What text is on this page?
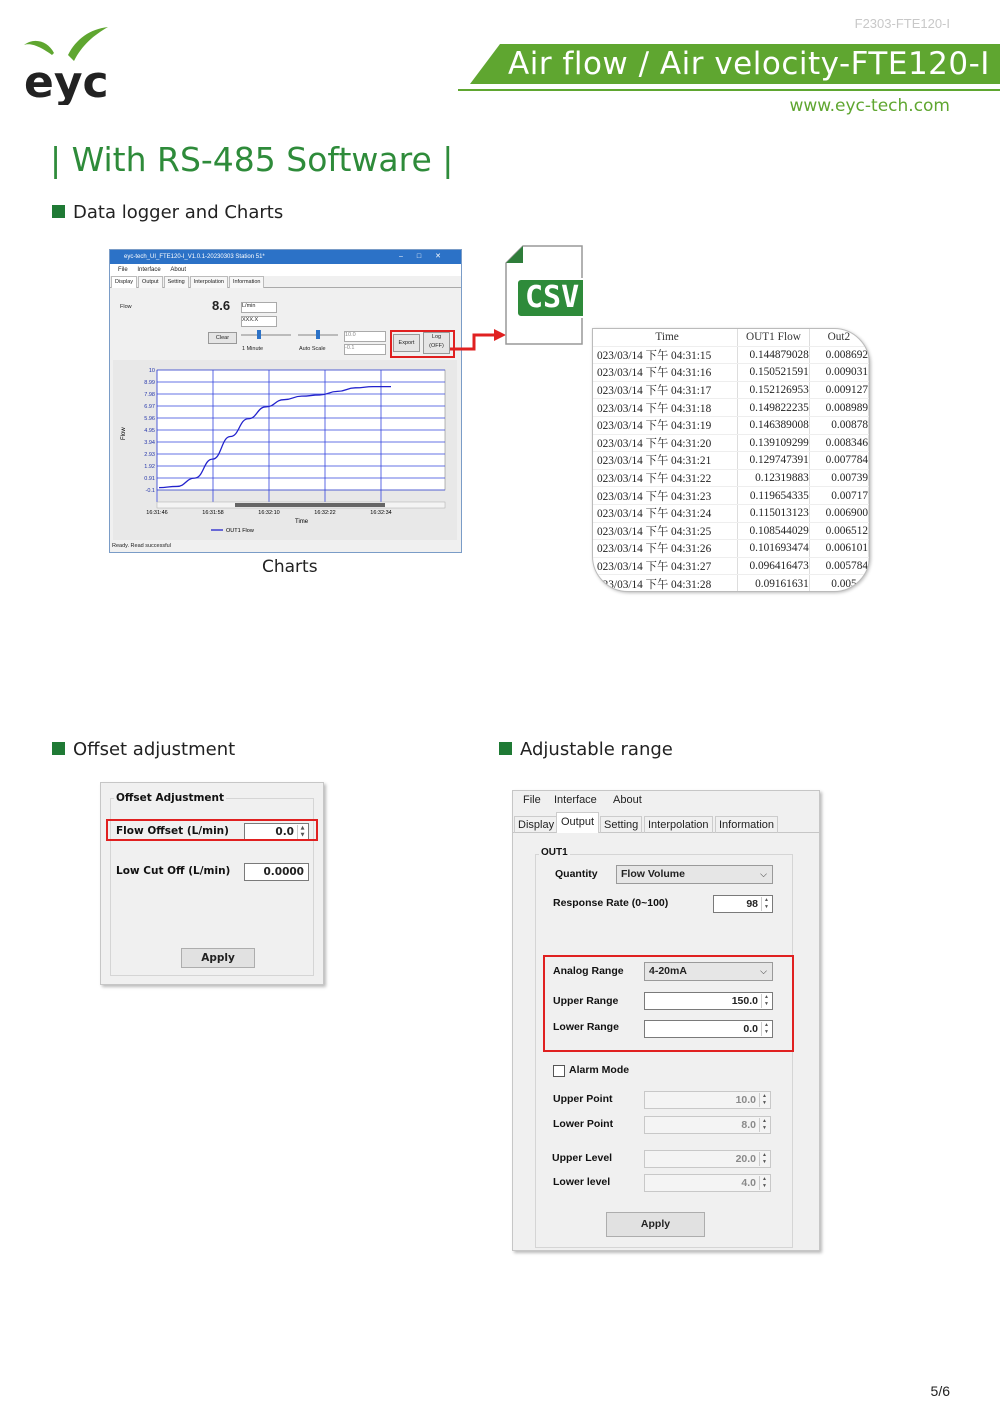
eyc
F2303-FTE120-I
Air flow / Air velocity-FTE120-I
www.eyc-tech.com
| With RS-485 Software |
Data logger and Charts
eyc-tech_UI_FTE120-I_V1.0.1-20230303 Station 51*	–□✕
File Interface About
Display Output Setting Interpolation Information
Flow	8.6 L/min
XXX.X
Clear
1 Minute	Auto Scale
10.0
-0.1
Export
Log
(OFF)
10
8.99
7.98
6.97
5.96
4.95
3.94
2.93
1.92
0.91
-0.1
16:31:46	16:31:58	16:32:10	16:32:22	16:32:34
Flow
Time
OUT1 Flow
Ready. Read successful
Charts
CSV
Time	OUT1 Flow	Out2
023/03/14 下午 04:31:15	0.144879028	0.008692
023/03/14 下午 04:31:16	0.150521591	0.009031
023/03/14 下午 04:31:17	0.152126953	0.009127
023/03/14 下午 04:31:18	0.149822235	0.008989
023/03/14 下午 04:31:19	0.146389008	0.00878
023/03/14 下午 04:31:20	0.139109299	0.008346
023/03/14 下午 04:31:21	0.129747391	0.007784
023/03/14 下午 04:31:22	0.12319883	0.00739
023/03/14 下午 04:31:23	0.119654335	0.00717
023/03/14 下午 04:31:24	0.115013123	0.006900
023/03/14 下午 04:31:25	0.108544029	0.006512
023/03/14 下午 04:31:26	0.101693474	0.006101
023/03/14 下午 04:31:27	0.096416473	0.005784
023/03/14 下午 04:31:28	0.09161631	0.00549
Offset adjustment
Offset Adjustment
Flow Offset (L/min)	0.0	▲
▼
Low Cut Off (L/min)	0.0000
Apply
Adjustable range
File Interface About
Display Output Setting Interpolation Information
OUT1
Quantity	Flow Volume	⌵
Response Rate (0~100)	98	▲
▼
Analog Range	4-20mA	⌵
Upper Range	150.0	▲
▼
Lower Range	0.0	▲
▼
Alarm Mode
Upper Point	10.0	▲
▼
Lower Point	8.0	▲
▼
Upper Level	20.0	▲
▼
Lower level	4.0	▲
▼
Apply
5/6
